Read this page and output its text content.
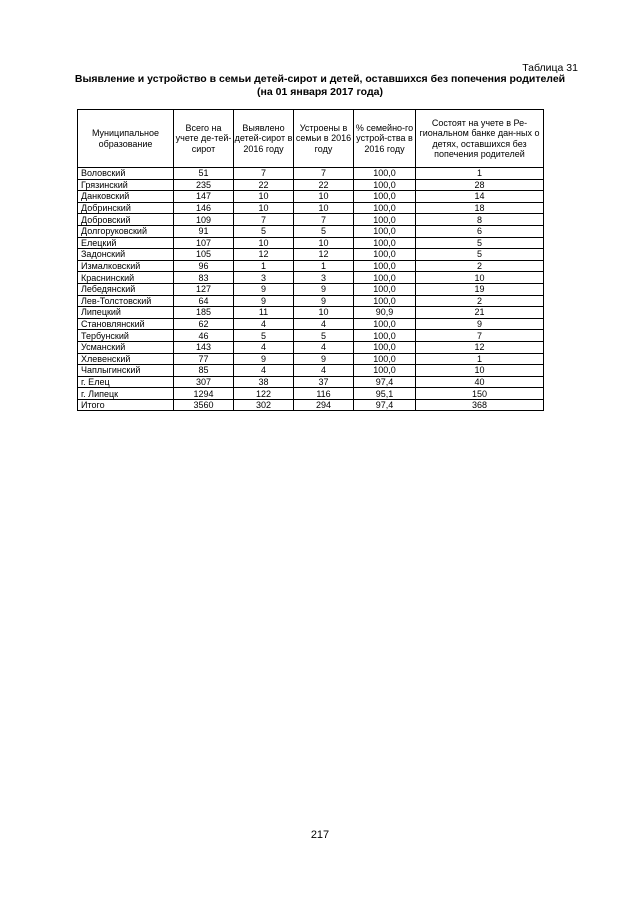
Таблица 31
Выявление и устройство в семьи детей-сирот и детей, оставшихся без попечения родителей
(на 01 января 2017 года)
Муниципальное образование	Всего на учете де-тей-сирот	Выявлено детей-сирот в 2016 году	Устроены в семьи в 2016 году	% семейно-го устрой-ства в 2016 году	Состоят на учете в Ре-гиональном банке дан-ных о детях, оставшихся без попечения родителей
Воловский	51	7	7	100,0	1
Грязинский	235	22	22	100,0	28
Данковский	147	10	10	100,0	14
Добринский	146	10	10	100,0	18
Добровский	109	7	7	100,0	8
Долгоруковский	91	5	5	100,0	6
Елецкий	107	10	10	100,0	5
Задонский	105	12	12	100,0	5
Измалковский	96	1	1	100,0	2
Краснинский	83	3	3	100,0	10
Лебедянский	127	9	9	100,0	19
Лев-Толстовский	64	9	9	100,0	2
Липецкий	185	11	10	90,9	21
Становлянский	62	4	4	100,0	9
Тербунский	46	5	5	100,0	7
Усманский	143	4	4	100,0	12
Хлевенский	77	9	9	100,0	1
Чаплыгинский	85	4	4	100,0	10
г. Елец	307	38	37	97,4	40
г. Липецк	1294	122	116	95,1	150
Итого	3560	302	294	97,4	368
217
